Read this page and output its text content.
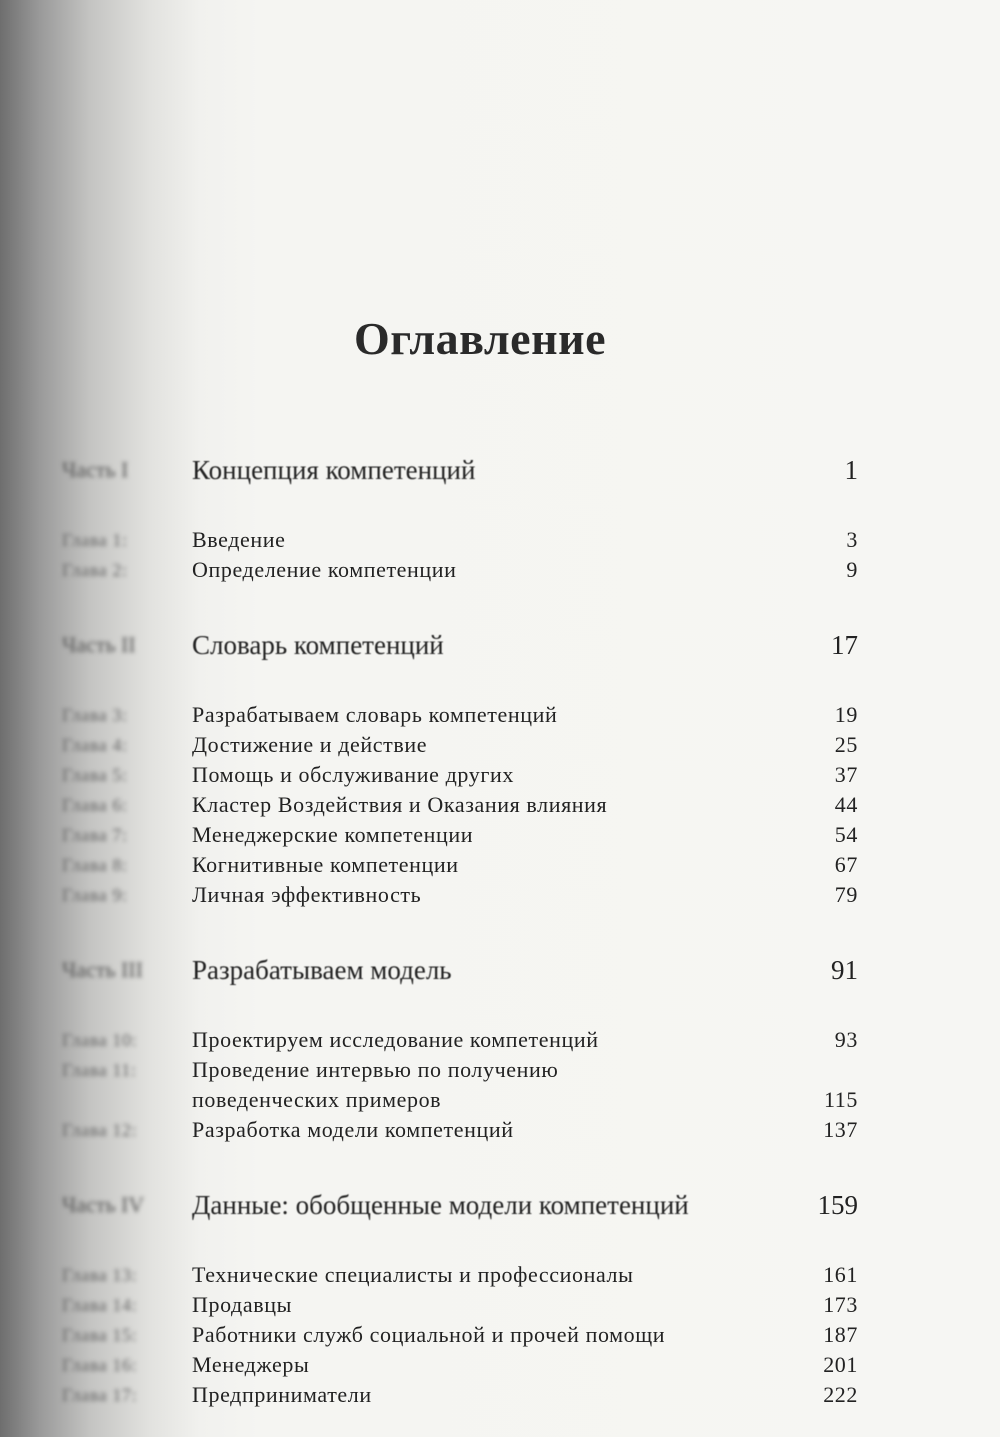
Оглавление
Часть I	Концепция компетенций	1
Глава 1:	Введение	3
Глава 2:	Определение компетенции	9
Часть II	Словарь компетенций	17
Глава 3:	Разрабатываем словарь компетенций	19
Глава 4:	Достижение и действие	25
Глава 5:	Помощь и обслуживание других	37
Глава 6:	Кластер Воздействия и Оказания влияния	44
Глава 7:	Менеджерские компетенции	54
Глава 8:	Когнитивные компетенции	67
Глава 9:	Личная эффективность	79
Часть III	Разрабатываем модель	91
Глава 10:	Проектируем исследование компетенций	93
Глава 11:	Проведение интервью по получению
поведенческих примеров	115
Глава 12:	Разработка модели компетенций	137
Часть IV	Данные: обобщенные модели компетенций	159
Глава 13:	Технические специалисты и профессионалы	161
Глава 14:	Продавцы	173
Глава 15:	Работники служб социальной и прочей помощи	187
Глава 16:	Менеджеры	201
Глава 17:	Предприниматели	222
